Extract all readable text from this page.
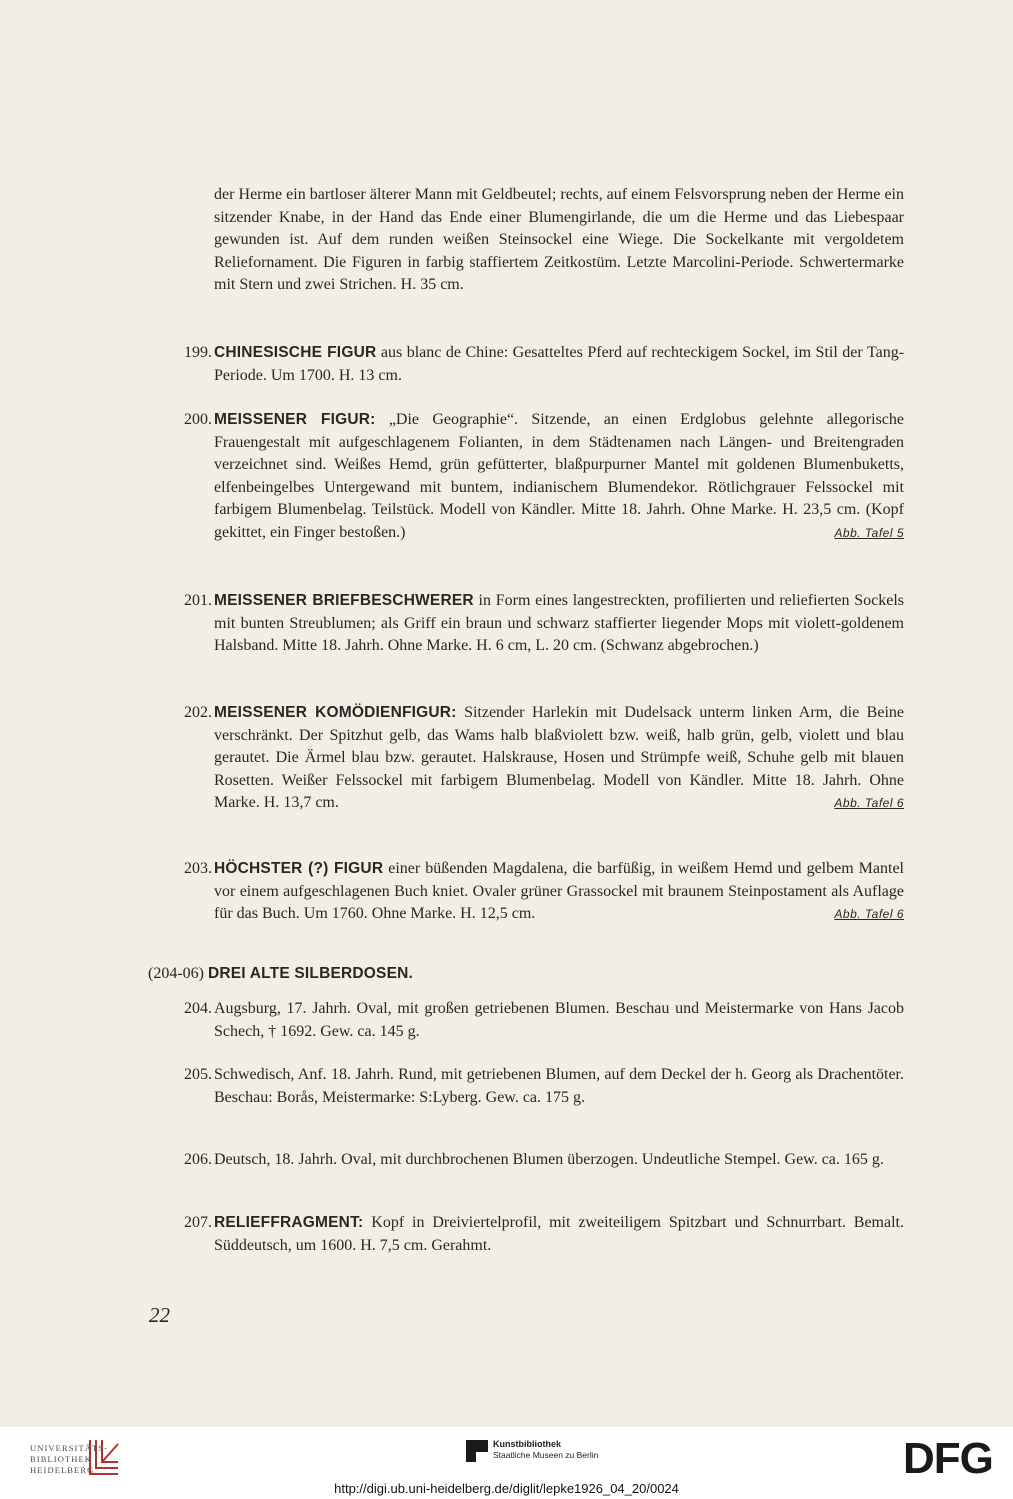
der Herme ein bartloser älterer Mann mit Geldbeutel; rechts, auf einem Felsvorsprung neben der Herme ein sitzender Knabe, in der Hand das Ende einer Blumengirlande, die um die Herme und das Liebespaar gewunden ist. Auf dem runden weißen Steinsockel eine Wiege. Die Sockelkante mit vergoldetem Reliefornament. Die Figuren in farbig staffiertem Zeitkostüm. Letzte Marcolini-Periode. Schwertermarke mit Stern und zwei Strichen. H. 35 cm.
199. CHINESISCHE FIGUR aus blanc de Chine: Gesatteltes Pferd auf rechteckigem Sockel, im Stil der Tang-Periode. Um 1700. H. 13 cm.
200. MEISSENER FIGUR: „Die Geographie“. Sitzende, an einen Erdglobus gelehnte allegorische Frauengestalt mit aufgeschlagenem Folianten, in dem Städtenamen nach Längen- und Breitengraden verzeichnet sind. Weißes Hemd, grün gefütterter, blaßpurpurner Mantel mit goldenen Blumenbuketts, elfenbeingelbes Untergewand mit buntem, indianischem Blumendekor. Rötlichgrauer Felssockel mit farbigem Blumenbelag. Teilstück. Modell von Kändler. Mitte 18. Jahrh. Ohne Marke. H. 23,5 cm. (Kopf gekittet, ein Finger bestoßen.)	Abb. Tafel 5
201. MEISSENER BRIEFBESCHWERER in Form eines langestreckten, profilierten und reliefierten Sockels mit bunten Streublumen; als Griff ein braun und schwarz staffierter liegender Mops mit violett-goldenem Halsband. Mitte 18. Jahrh. Ohne Marke. H. 6 cm, L. 20 cm. (Schwanz abgebrochen.)
202. MEISSENER KOMÖDIENFIGUR: Sitzender Harlekin mit Dudelsack unterm linken Arm, die Beine verschränkt. Der Spitzhut gelb, das Wams halb blaßviolett bzw. weiß, halb grün, gelb, violett und blau gerautet. Die Ärmel blau bzw. gerautet. Halskrause, Hosen und Strümpfe weiß, Schuhe gelb mit blauen Rosetten. Weißer Felssockel mit farbigem Blumenbelag. Modell von Kändler. Mitte 18. Jahrh. Ohne Marke. H. 13,7 cm.	Abb. Tafel 6
203. HÖCHSTER (?) FIGUR einer büßenden Magdalena, die barfüßig, in weißem Hemd und gelbem Mantel vor einem aufgeschlagenen Buch kniet. Ovaler grüner Grassockel mit braunem Steinpostament als Auflage für das Buch. Um 1760. Ohne Marke. H. 12,5 cm.	Abb. Tafel 6
(204-06) DREI ALTE SILBERDOSEN.
204. Augsburg, 17. Jahrh. Oval, mit großen getriebenen Blumen. Beschau und Meistermarke von Hans Jacob Schech, † 1692. Gew. ca. 145 g.
205. Schwedisch, Anf. 18. Jahrh. Rund, mit getriebenen Blumen, auf dem Deckel der h. Georg als Drachentöter. Beschau: Borås, Meistermarke: S:Lyberg. Gew. ca. 175 g.
206. Deutsch, 18. Jahrh. Oval, mit durchbrochenen Blumen überzogen. Undeutliche Stempel. Gew. ca. 165 g.
207. RELIEFFRAGMENT: Kopf in Dreiviertelprofil, mit zweiteiligem Spitzbart und Schnurrbart. Bemalt. Süddeutsch, um 1600. H. 7,5 cm. Gerahmt.
22
UNIVERSITÄTS-
BIBLIOTHEK
HEIDELBERG
Kunstbibliothek
Staatliche Museen zu Berlin	DFG
http://digi.ub.uni-heidelberg.de/diglit/lepke1926_04_20/0024
